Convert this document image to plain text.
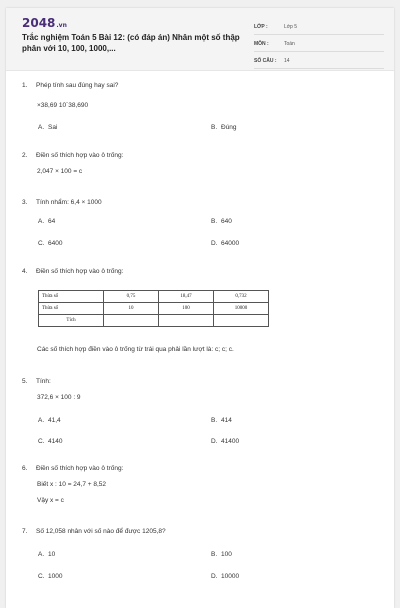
2048.vn
Trắc nghiệm Toán 5 Bài 12: (có đáp án) Nhân một số thập phân với 10, 100, 1000,...
LỚP :	Lớp 5
MÔN :	Toán
SỐ CÂU : 14
1. Phép tính sau đúng hay sai?
×38,69 10´38,690
A. Sai	B. Đúng
2. Điền số thích hợp vào ô trống:
2,047 × 100 = c
3. Tính nhẩm: 6,4 × 1000
A. 64	B. 640
C. 6400	D. 64000
4. Điền số thích hợp vào ô trống:
Thừa số	0,75	18,47	0,732
Thừa số	10	100	10000
Tích			
Các số thích hợp điền vào ô trống từ trái qua phải lần lượt là: c; c; c.
5. Tính:
372,6 × 100 : 9
A. 41,4	B. 414
C. 4140	D. 41400
6. Điền số thích hợp vào ô trống:
Biết x : 10 = 24,7 + 8,52
Vậy x = c
7. Số 12,058 nhân với số nào để được 1205,8?
A. 10	B. 100
C. 1000	D. 10000
